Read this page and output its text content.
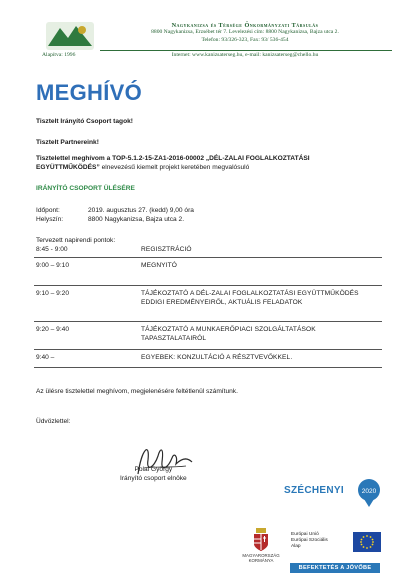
Nagykanizsa és Térsége Önkormányzati Társulás
8800 Nagykanizsa, Erzsébet tér 7. Levelezési cím: 8800 Nagykanizsa, Bajza utca 2.
Telefon: 93/326-323, Fax: 93/ 536-454
Alapítva: 1996	Internet: www.kanizsaterseg.hu, e-mail: kanizsaterseg@chello.hu
MEGHÍVÓ
Tisztelt Irányító Csoport tagok!
Tisztelt Partnereink!
Tisztelettel meghívom a TOP-5.1.2-15-ZA1-2016-00002 „DÉL-ZALAI FOGLALKOZTATÁSI EGYÜTTMŰKÖDÉS” elnevezésű kiemelt projekt keretében megvalósuló
IRÁNYÍTÓ CSOPORT ÜLÉSÉRE
Időpont:	2019. augusztus 27. (kedd) 9,00 óra
Helyszín:	8800 Nagykanizsa, Bajza utca 2.
Tervezett napirendi pontok:
8:45 - 9:00	REGISZTRÁCIÓ
9:00 – 9:10	MEGNYITÓ
9:10 – 9:20	TÁJÉKOZTATÓ A DÉL-ZALAI FOGLALKOZTATÁSI EGYÜTTMŰKÖDÉS EDDIGI EREDMÉNYEIRŐL, AKTUÁLIS FELADATOK
9:20 – 9:40	TÁJÉKOZTATÓ A MUNKAERŐPIACI SZOLGÁLTATÁSOK TAPASZTALATAIRÓL
9:40 –	EGYEBEK: KONZULTÁCIÓ A RÉSZTVEVŐKKEL.
Az ülésre tisztelettel meghívom, megjelenésére feltétlenül számítunk.
Üdvözlettel:
Polai György
Irányító csoport elnöke
SZÉCHENYI	2020
MAGYARORSZÁG
KORMÁNYA
Európai Unió
Európai Szociális
Alap
BEFEKTETÉS A JÖVŐBE
